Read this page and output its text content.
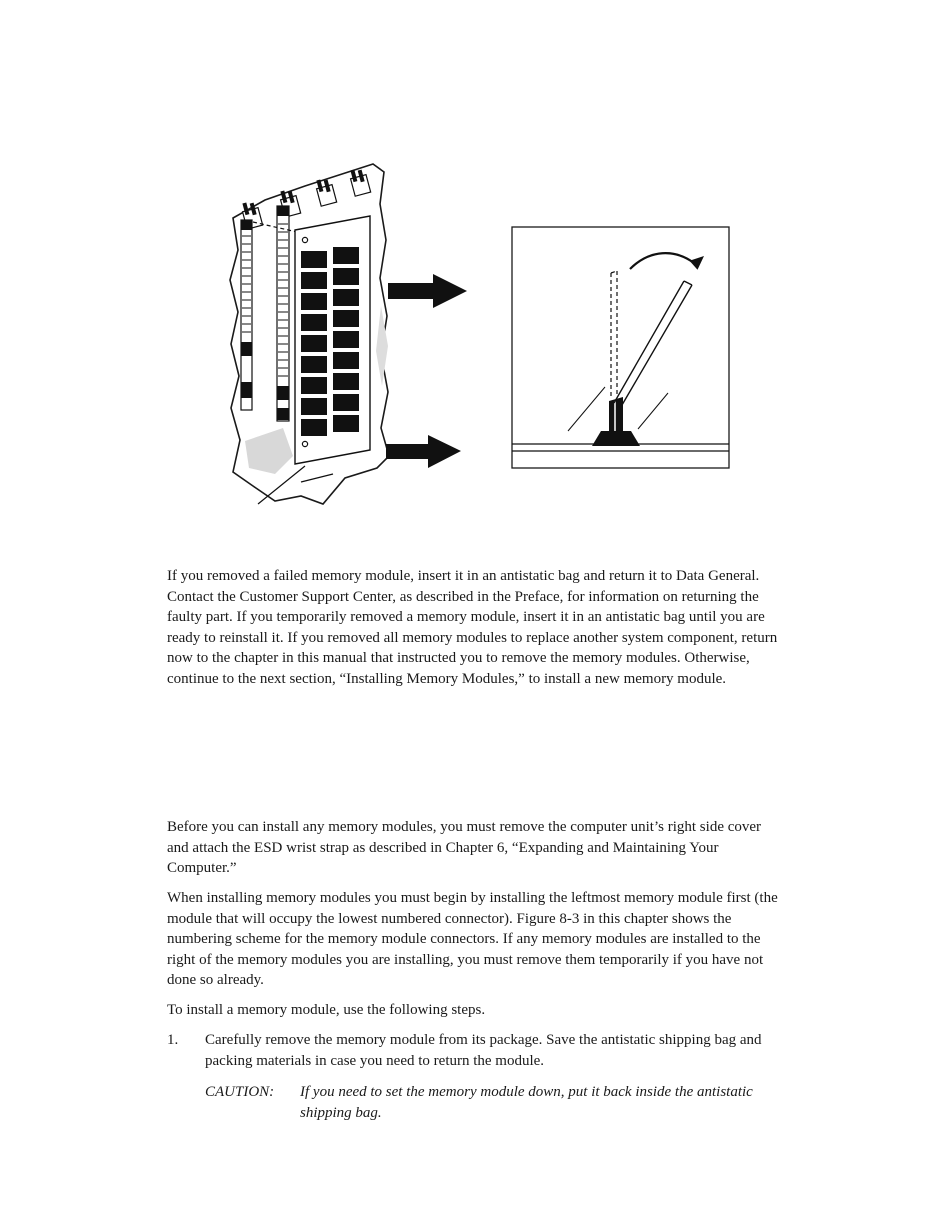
If you removed a failed memory module, insert it in an antistatic bag and return it to Data General. Contact the Customer Support Center, as described in the Preface, for information on returning the faulty part. If you temporarily removed a memory module, insert it in an antistatic bag until you are ready to reinstall it. If you removed all memory modules to replace another system component, return now to the chapter in this manual that instructed you to remove the memory modules. Otherwise, continue to the next section, “Installing Memory Modules,” to install a new memory module.

Before you can install any memory modules, you must remove the computer unit’s right side cover and attach the ESD wrist strap as described in Chapter 6, “Expanding and Maintaining Your Computer.”

When installing memory modules you must begin by installing the leftmost memory module first (the module that will occupy the lowest numbered connector). Figure 8-3 in this chapter shows the numbering scheme for the memory module connectors. If any memory modules are installed to the right of the memory modules you are installing, you must remove them temporarily if you have not done so already.

To install a memory module, use the following steps.

1. Carefully remove the memory module from its package. Save the antistatic shipping bag and packing materials in case you need to return the module.
CAUTION:	If you need to set the memory module down, put it back inside the antistatic shipping bag.
